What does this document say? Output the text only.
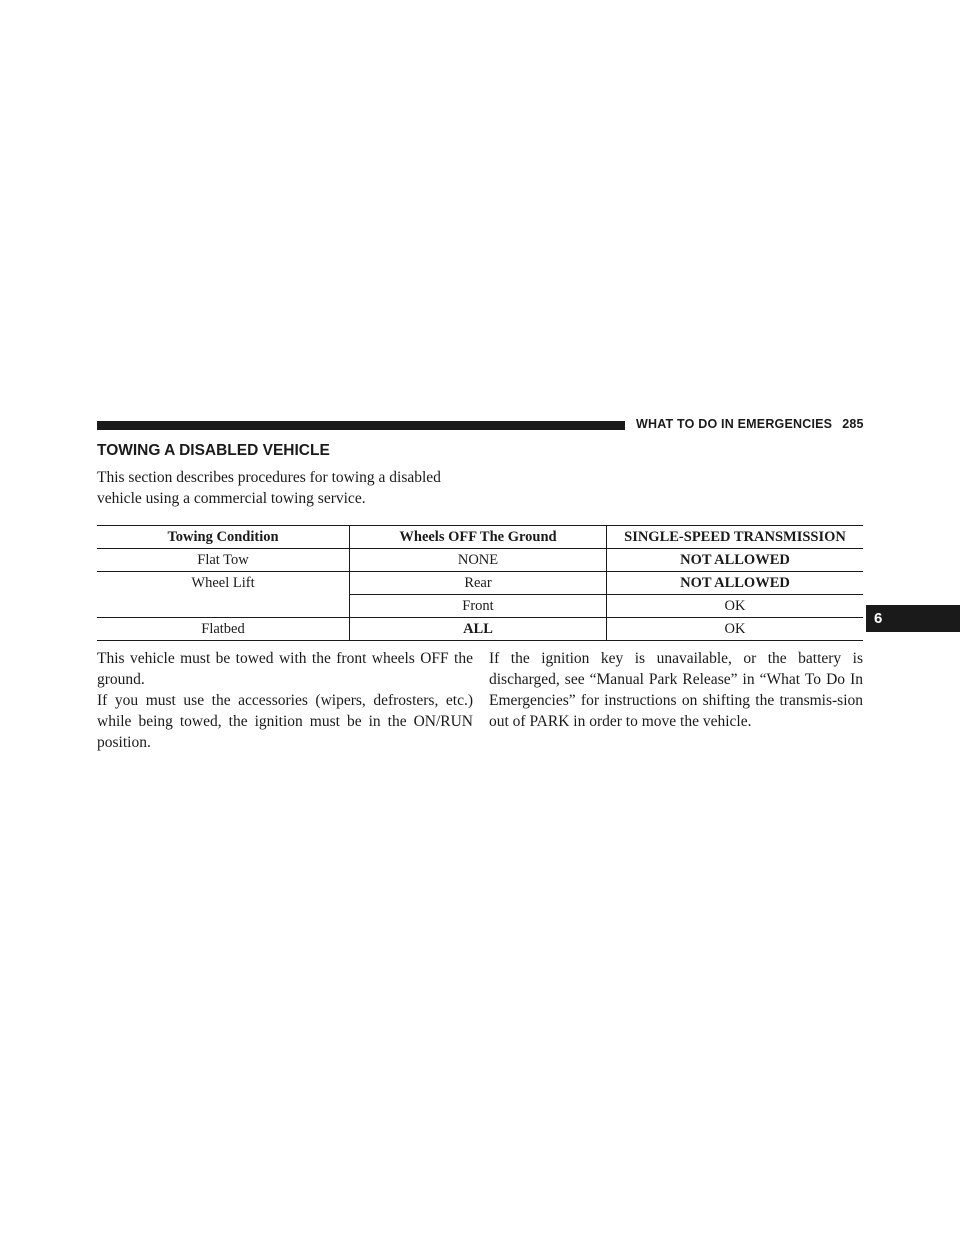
WHAT TO DO IN EMERGENCIES 285
6
TOWING A DISABLED VEHICLE

This section describes procedures for towing a disabled vehicle using a commercial towing service.

Towing Condition	Wheels OFF The Ground	SINGLE-SPEED TRANSMISSION
Flat Tow	NONE	NOT ALLOWED
Wheel Lift	Rear	NOT ALLOWED
	Front	OK
Flatbed	ALL	OK

This vehicle must be towed with the front wheels OFF the ground.

If you must use the accessories (wipers, defrosters, etc.) while being towed, the ignition must be in the ON/RUN position.

If the ignition key is unavailable, or the battery is discharged, see “Manual Park Release” in “What To Do In Emergencies” for instructions on shifting the transmis-sion out of PARK in order to move the vehicle.
